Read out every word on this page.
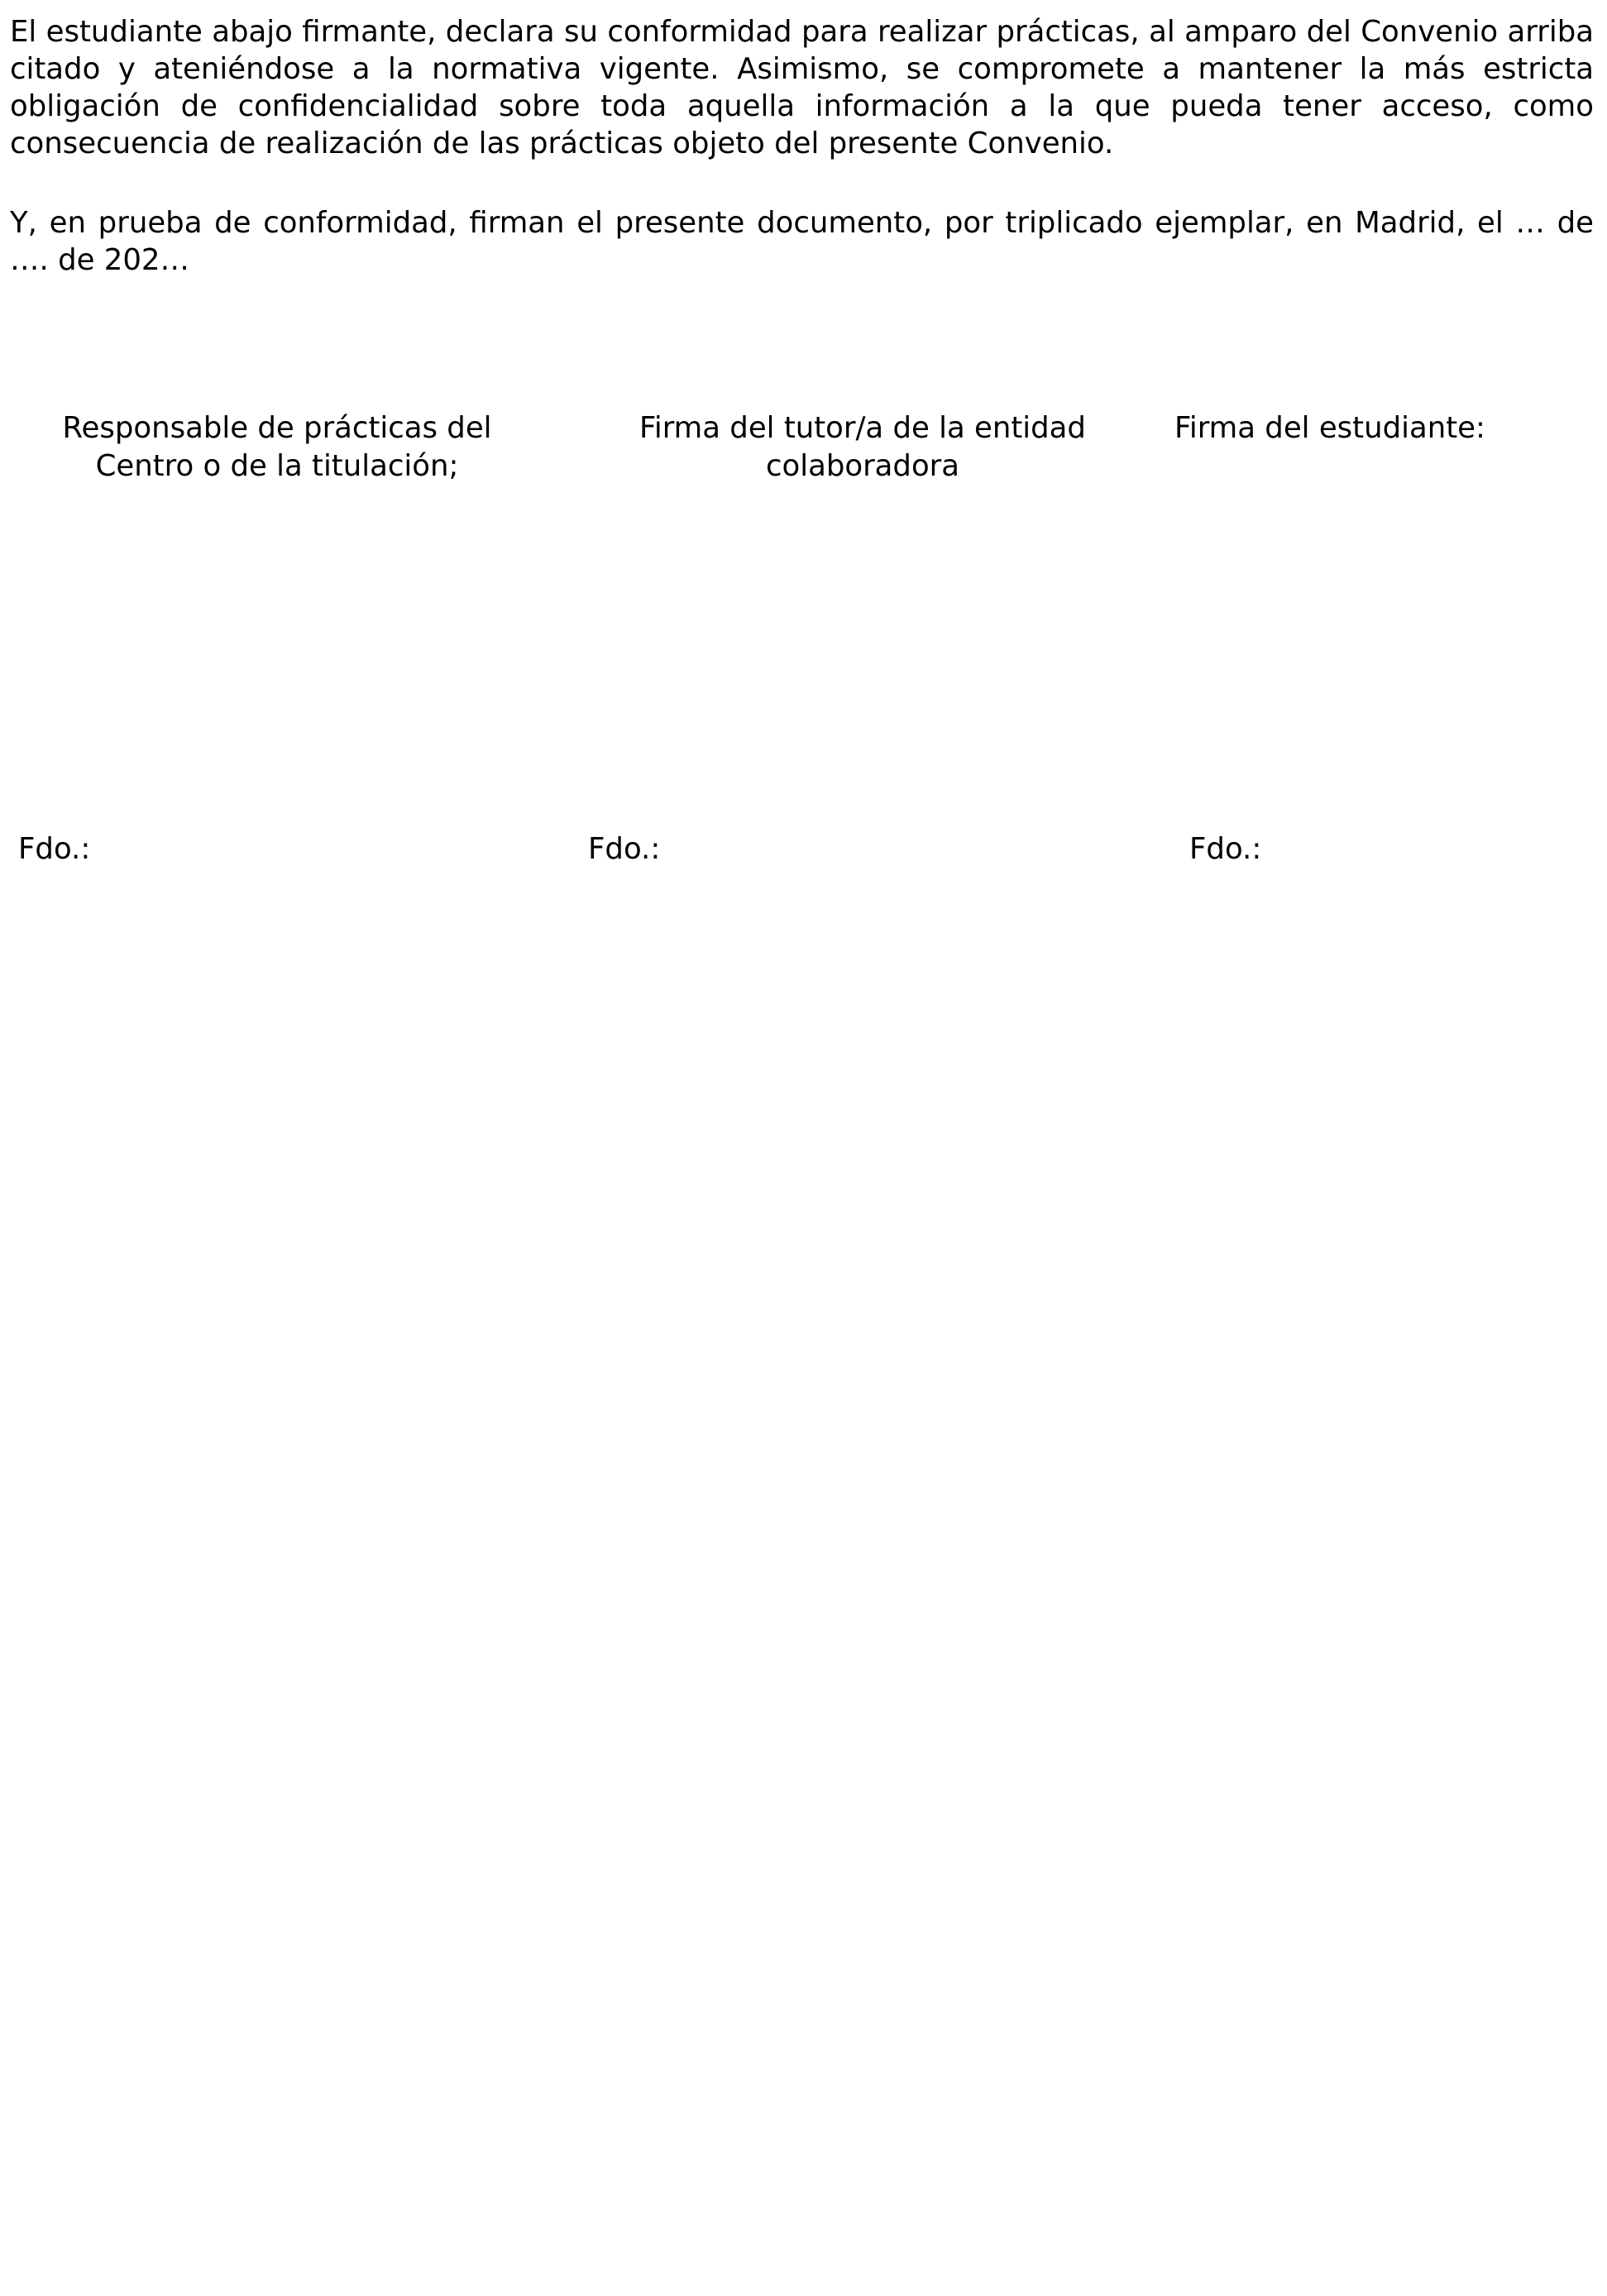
El estudiante abajo firmante, declara su conformidad para realizar prácticas, al amparo del Convenio arriba citado y ateniéndose a la normativa vigente. Asimismo, se compromete a mantener la más estricta obligación de confidencialidad sobre toda aquella información a la que pueda tener acceso, como consecuencia de realización de las prácticas objeto del presente Convenio.

Y, en prueba de conformidad, firman el presente documento, por triplicado ejemplar, en Madrid, el … de …. de 202…

Responsable de prácticas del
Centro o de la titulación;
Firma del tutor/a de la entidad
colaboradora
Firma del estudiante:
Fdo.:	Fdo.:	Fdo.:
